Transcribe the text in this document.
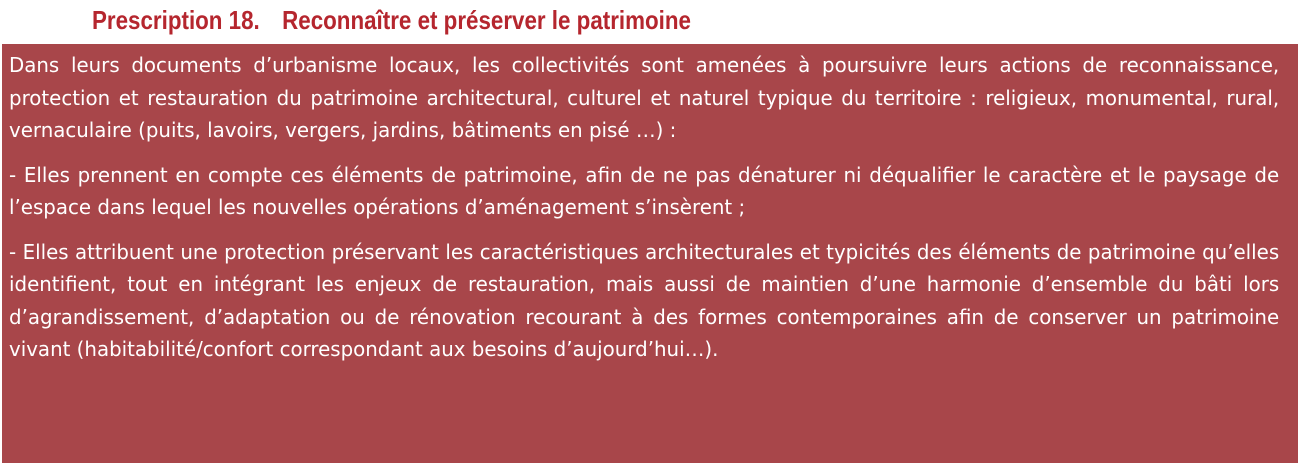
Prescription 18. Reconnaître et préserver le patrimoine

Dans leurs documents d’urbanisme locaux, les collectivités sont amenées à poursuivre leurs actions de reconnaissance, protection et restauration du patrimoine architectural, culturel et naturel typique du territoire : religieux, monumental, rural, vernaculaire (puits, lavoirs, vergers, jardins, bâtiments en pisé …) :

- Elles prennent en compte ces éléments de patrimoine, afin de ne pas dénaturer ni déqualifier le caractère et le paysage de l’espace dans lequel les nouvelles opérations d’aménagement s’insèrent ;

- Elles attribuent une protection préservant les caractéristiques architecturales et typicités des éléments de patrimoine qu’elles identifient, tout en intégrant les enjeux de restauration, mais aussi de maintien d’une harmonie d’ensemble du bâti lors d’agrandissement, d’adaptation ou de rénovation recourant à des formes contemporaines afin de conserver un patrimoine vivant (habitabilité/confort correspondant aux besoins d’aujourd’hui…).
